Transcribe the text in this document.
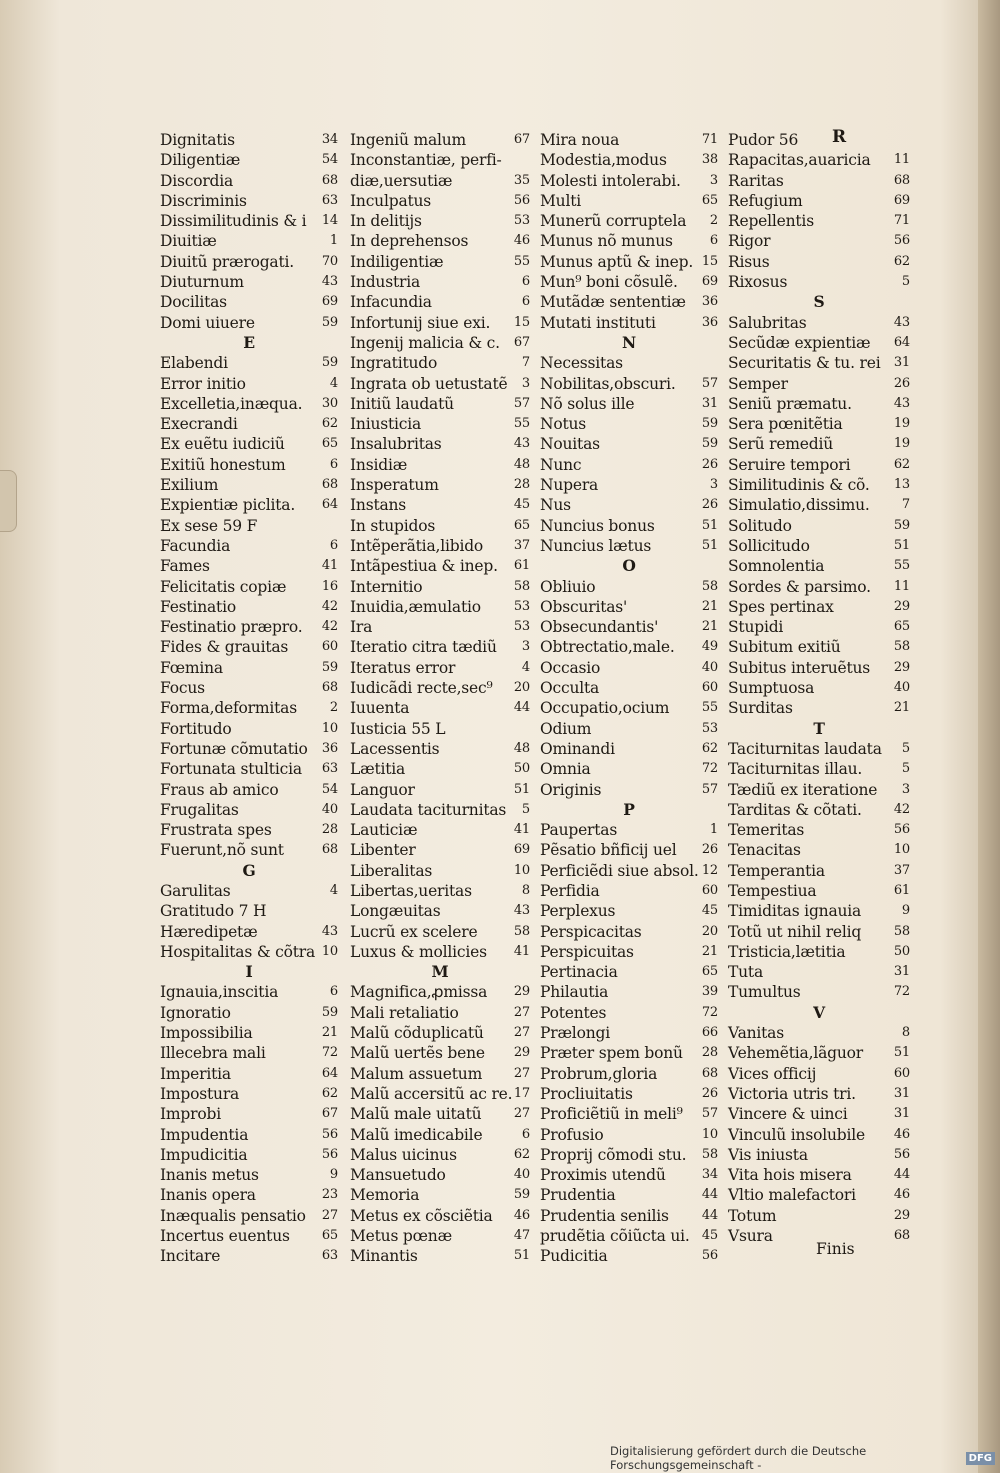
Dignitatis	34
Diligentiæ	54
Discordia	68
Discriminis	63
Dissimilitudinis & i 14
Diuitiæ	1
Diuitũ prærogati. 70
Diuturnum	43
Docilitas	69
Domi uiuere	59
E
Elabendi	59
Error initio	4
Excelletia,inæqua. 30
Execrandi	62
Ex euẽtu iudiciũ	65
Exitiũ honestum	6
Exilium	68
Expientiæ piclita. 64
Ex sese 59 F
Facundia	6
Fames	41
Felicitatis copiæ	16
Festinatio	42
Festinatio præpro. 42
Fides & grauitas	60
Fœmina	59
Focus	68
Forma,deformitas	2
Fortitudo	10
Fortunæ cõmutatio 36
Fortunata stulticia 63
Fraus ab amico	54
Frugalitas	40
Frustrata spes	28
Fuerunt,nõ sunt	68
G
Garulitas	4
Gratitudo 7 H
Hæredipetæ	43
Hospitalitas & cõtra 10
I
Ignauia,inscitia	6
Ignoratio	59
Impossibilia	21
Illecebra mali	72
Imperitia	64
Impostura	62
Improbi	67
Impudentia	56
Impudicitia	56
Inanis metus	9
Inanis opera	23
Inæqualis pensatio 27
Incertus euentus 65
Incitare	63
Ingeniũ malum	67
Inconstantiæ, perfi-
diæ,uersutiæ	35
Inculpatus	56
In delitijs	53
In deprehensos	46
Indiligentiæ	55
Industria	6
Infacundia	6
Infortunij siue exi. 15
Ingenij malicia & c. 67
Ingratitudo	7
Ingrata ob uetustatẽ 3
Initiũ laudatũ	57
Iniusticia	55
Insalubritas	43
Insidiæ	48
Insperatum	28
Instans	45
In stupidos	65
Intẽperãtia,libido 37
Intãpestiua & inep. 61
Internitio	58
Inuidia,æmulatio	53
Ira	53
Iteratio citra tædiũ 3
Iteratus error	4
Iudicãdi recte,sec⁹ 20
Iuuenta	44
Iusticia 55 L
Lacessentis	48
Lætitia	50
Languor	51
Laudata taciturnitas 5
Lauticiæ	41
Libenter	69
Liberalitas	10
Libertas,ueritas	8
Longæuitas	43
Lucrũ ex scelere	58
Luxus & mollicies 41
M
Magnifica,ꝓmissa 29
Mali retaliatio	27
Malũ cõduplicatũ 27
Malũ uertẽs bene 29
Malum assuetum 27
Malũ accersitũ ac re. 17
Malũ male uitatũ 27
Malũ imedicabile	6
Malus uicinus	62
Mansuetudo	40
Memoria	59
Metus ex cõsciẽtia 46
Metus pœnæ	47
Minantis	51
Mira noua	71
Modestia,modus	38
Molesti intolerabi. 3
Multi	65
Munerũ corruptela 2
Munus nõ munus	6
Munus aptũ & inep. 15
Mun⁹ boni cõsulẽ. 69
Mutãdæ sententiæ 36
Mutati instituti	36
N
Necessitas
Nobilitas,obscuri. 57
Nõ solus ille	31
Notus	59
Nouitas	59
Nunc	26
Nupera	3
Nus	26
Nuncius bonus	51
Nuncius lætus	51
O
Obliuio	58
Obscuritas'	21
Obsecundantis'	21
Obtrectatio,male. 49
Occasio	40
Occulta	60
Occupatio,ocium	55
Odium	53
Ominandi	62
Omnia	72
Originis	57
P
Paupertas	1
Pẽsatio bñficij uel 26
Perficiẽdi siue absol. 12
Perfidia	60
Perplexus	45
Perspicacitas	20
Perspicuitas	21
Pertinacia	65
Philautia	39
Potentes	72
Prælongi	66
Præter spem bonũ 28
Probrum,gloria	68
Procliuitatis	26
Proficiẽtiũ in meli⁹ 57
Profusio	10
Proprij cõmodi stu. 58
Proximis utendũ	34
Prudentia	44
Prudentia senilis	44
prudẽtia cõiũcta ui. 45
Pudicitia	56
Pudor 56
Rapacitas,auaricia 11
Raritas	68
Refugium	69
Repellentis	71
Rigor	56
Risus	62
Rixosus	5
S
Salubritas	43
Secũdæ expientiæ 64
Securitatis & tu. rei 31
Semper	26
Seniũ præmatu.	43
Sera pœnitẽtia	19
Serũ remediũ	19
Seruire tempori	62
Similitudinis & cõ. 13
Simulatio,dissimu. 7
Solitudo	59
Sollicitudo	51
Somnolentia	55
Sordes & parsimo. 11
Spes pertinax	29
Stupidi	65
Subitum exitiũ	58
Subitus interuẽtus 29
Sumptuosa	40
Surditas	21
T
Taciturnitas laudata 5
Taciturnitas illau.	5
Tædiũ ex iteratione 3
Tarditas & cõtati. 42
Temeritas	56
Tenacitas	10
Temperantia	37
Tempestiua	61
Timiditas ignauia	9
Totũ ut nihil reliq	58
Tristicia,lætitia	50
Tuta	31
Tumultus	72
V
Vanitas	8
Vehemẽtia,lãguor 51
Vices officij	60
Victoria utris tri.	31
Vincere & uinci	31
Vinculũ insolubile 46
Vis iniusta	56
Vita hois misera	44
Vltio malefactori	46
Totum	29
Vsura	68
R
Finis
Digitalisierung gefördert durch die Deutsche Forschungsgemeinschaft -	DFG
